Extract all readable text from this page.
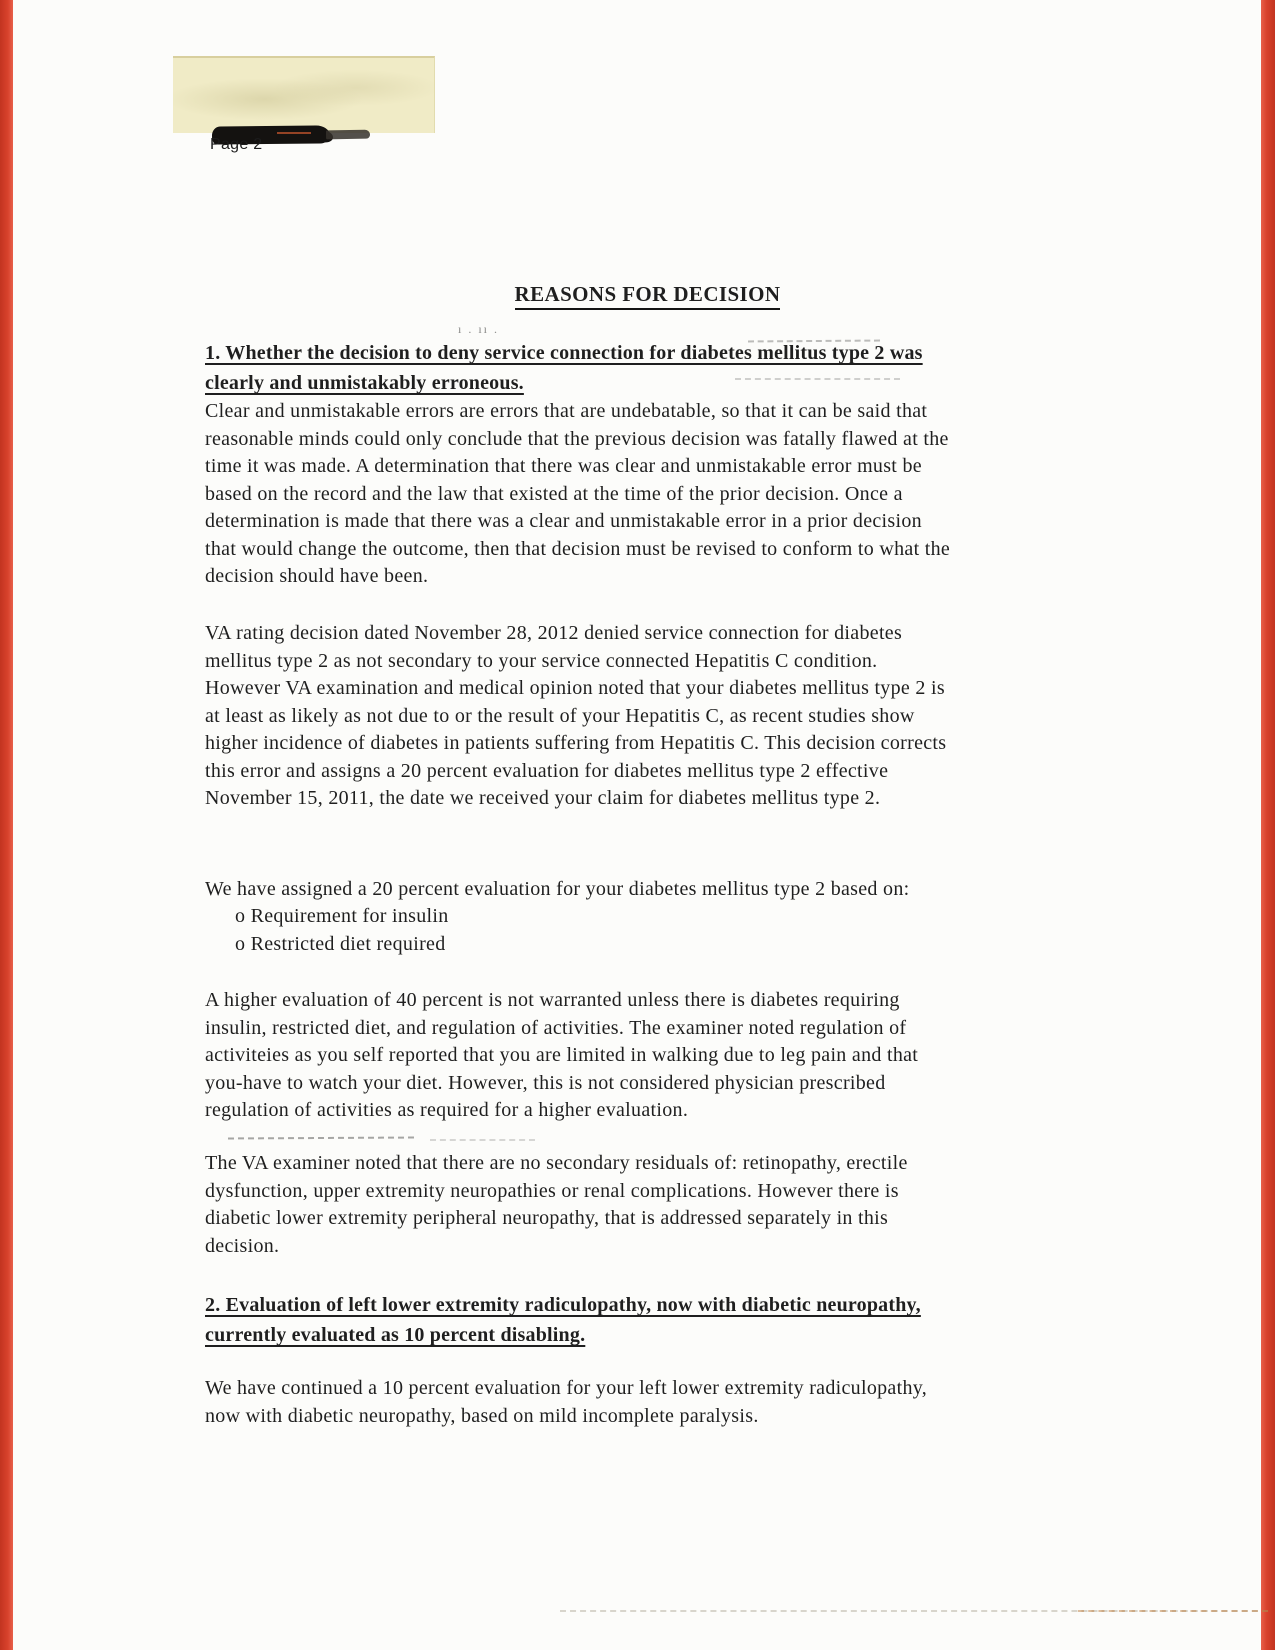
Page 2
REASONS FOR DECISION
ı . ıı .
1. Whether the decision to deny service connection for diabetes mellitus type 2 was
clearly and unmistakably erroneous.
Clear and unmistakable errors are errors that are undebatable, so that it can be said that
reasonable minds could only conclude that the previous decision was fatally flawed at the
time it was made. A determination that there was clear and unmistakable error must be
based on the record and the law that existed at the time of the prior decision. Once a
determination is made that there was a clear and unmistakable error in a prior decision
that would change the outcome, then that decision must be revised to conform to what the
decision should have been.
VA rating decision dated November 28, 2012 denied service connection for diabetes
mellitus type 2 as not secondary to your service connected Hepatitis C condition.
However VA examination and medical opinion noted that your diabetes mellitus type 2 is
at least as likely as not due to or the result of your Hepatitis C, as recent studies show
higher incidence of diabetes in patients suffering from Hepatitis C. This decision corrects
this error and assigns a 20 percent evaluation for diabetes mellitus type 2 effective
November 15, 2011, the date we received your claim for diabetes mellitus type 2.
We have assigned a 20 percent evaluation for your diabetes mellitus type 2 based on:
o Requirement for insulin
o Restricted diet required
A higher evaluation of 40 percent is not warranted unless there is diabetes requiring
insulin, restricted diet, and regulation of activities. The examiner noted regulation of
activiteies as you self reported that you are limited in walking due to leg pain and that
you-have to watch your diet. However, this is not considered physician prescribed
regulation of activities as required for a higher evaluation.
The VA examiner noted that there are no secondary residuals of: retinopathy, erectile
dysfunction, upper extremity neuropathies or renal complications. However there is
diabetic lower extremity peripheral neuropathy, that is addressed separately in this
decision.
2. Evaluation of left lower extremity radiculopathy, now with diabetic neuropathy,
currently evaluated as 10 percent disabling.
We have continued a 10 percent evaluation for your left lower extremity radiculopathy,
now with diabetic neuropathy, based on mild incomplete paralysis.
